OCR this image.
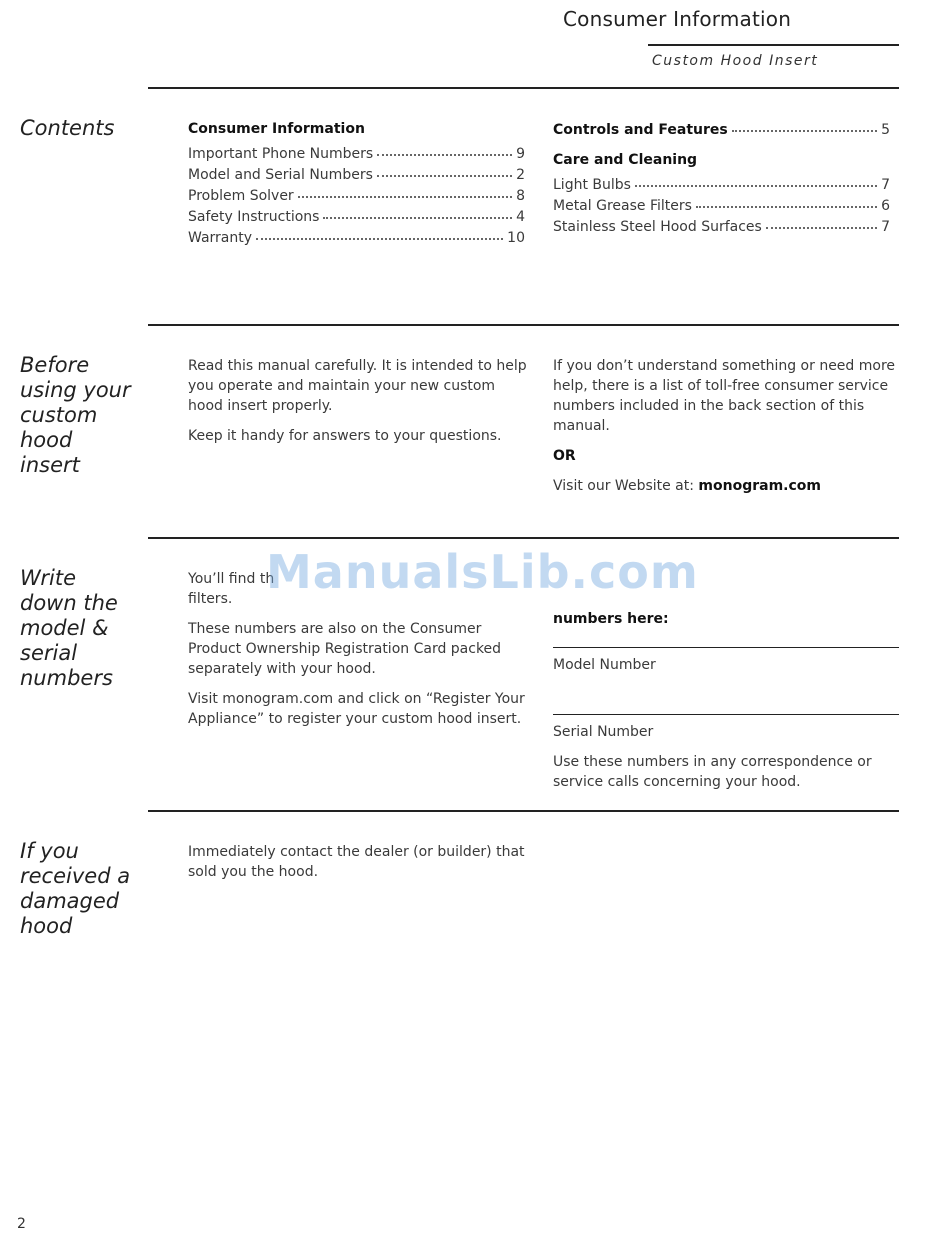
Consumer Information
Custom Hood Insert
Contents	Consumer Information
Important Phone Numbers	9
Model and Serial Numbers	2
Problem Solver	8
Safety Instructions	4
Warranty	10
Controls and Features	5
Care and Cleaning
Light Bulbs	7
Metal Grease Filters	6
Stainless Steel Hood Surfaces	7
Before
using your
custom
hood
insert

Read this manual carefully. It is intended to help you operate and maintain your new custom hood insert properly.

Keep it handy for answers to your questions.

If you don’t understand something or need more help, there is a list of toll-free consumer service numbers included in the back section of this manual.

OR

Visit our Website at: monogram.com

Write
down the
model &
serial
numbers

You’ll find th
filters.

These numbers are also on the Consumer Product Ownership Registration Card packed separately with your hood.

Visit monogram.com and click on “Register Your Appliance” to register your custom hood insert.

numbers here:
Model Number
Serial Number

Use these numbers in any correspondence or service calls concerning your hood.

If you
received a
damaged
hood

Immediately contact the dealer (or builder) that sold you the hood.

ManualsLib.com
2
